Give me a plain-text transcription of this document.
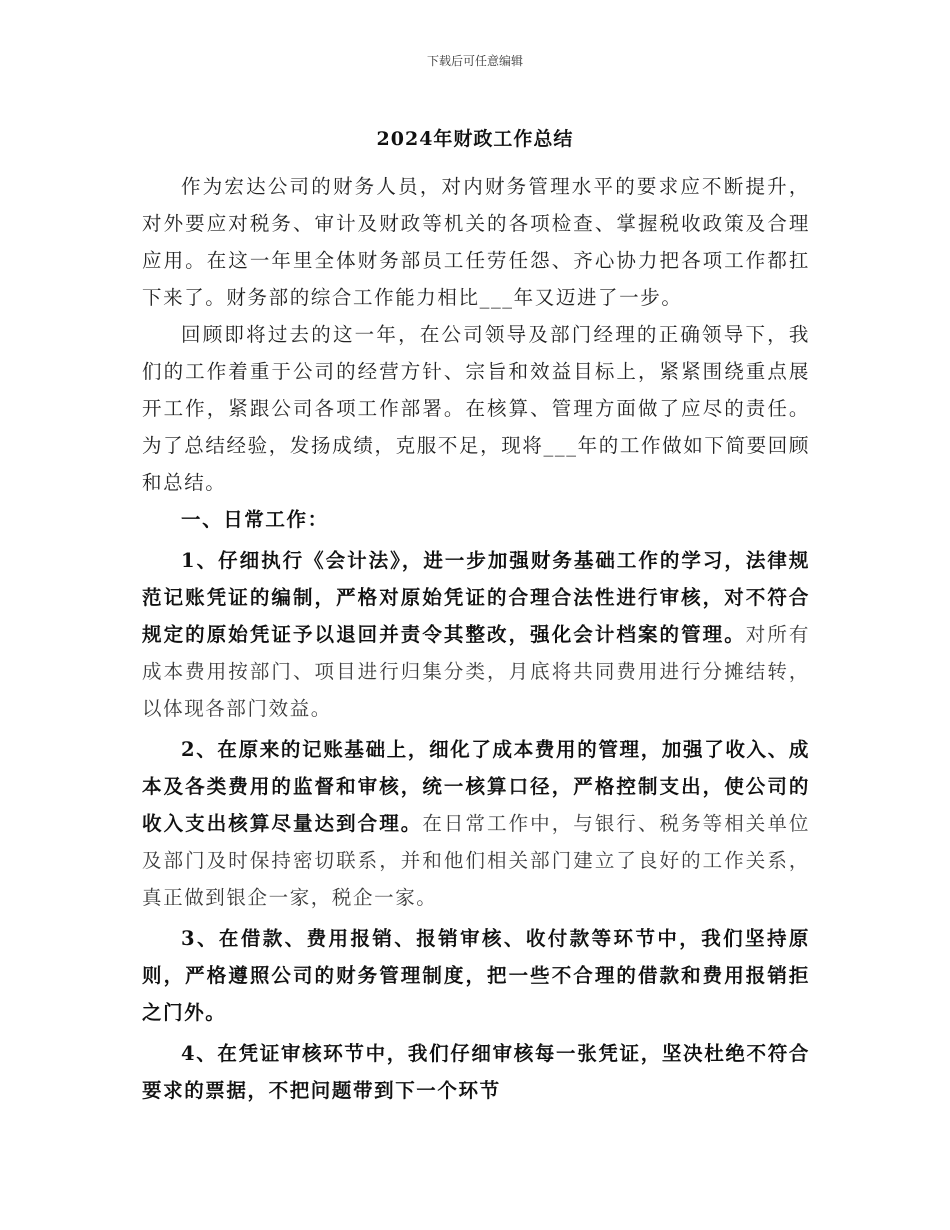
下载后可任意编辑
2024年财政工作总结

作为宏达公司的财务人员，对内财务管理水平的要求应不断提升，对外要应对税务、审计及财政等机关的各项检查、掌握税收政策及合理应用。在这一年里全体财务部员工任劳任怨、齐心协力把各项工作都扛下来了。财务部的综合工作能力相比___年又迈进了一步。

回顾即将过去的这一年，在公司领导及部门经理的正确领导下，我们的工作着重于公司的经营方针、宗旨和效益目标上，紧紧围绕重点展开工作，紧跟公司各项工作部署。在核算、管理方面做了应尽的责任。为了总结经验，发扬成绩，克服不足，现将___年的工作做如下简要回顾和总结。

一、日常工作：

1、仔细执行《会计法》，进一步加强财务基础工作的学习，法律规范记账凭证的编制，严格对原始凭证的合理合法性进行审核，对不符合规定的原始凭证予以退回并责令其整改，强化会计档案的管理。对所有成本费用按部门、项目进行归集分类，月底将共同费用进行分摊结转，以体现各部门效益。

2、在原来的记账基础上，细化了成本费用的管理，加强了收入、成本及各类费用的监督和审核，统一核算口径，严格控制支出，使公司的收入支出核算尽量达到合理。在日常工作中，与银行、税务等相关单位及部门及时保持密切联系，并和他们相关部门建立了良好的工作关系，真正做到银企一家，税企一家。

3、在借款、费用报销、报销审核、收付款等环节中，我们坚持原则，严格遵照公司的财务管理制度，把一些不合理的借款和费用报销拒之门外。

4、在凭证审核环节中，我们仔细审核每一张凭证，坚决杜绝不符合要求的票据，不把问题带到下一个环节
